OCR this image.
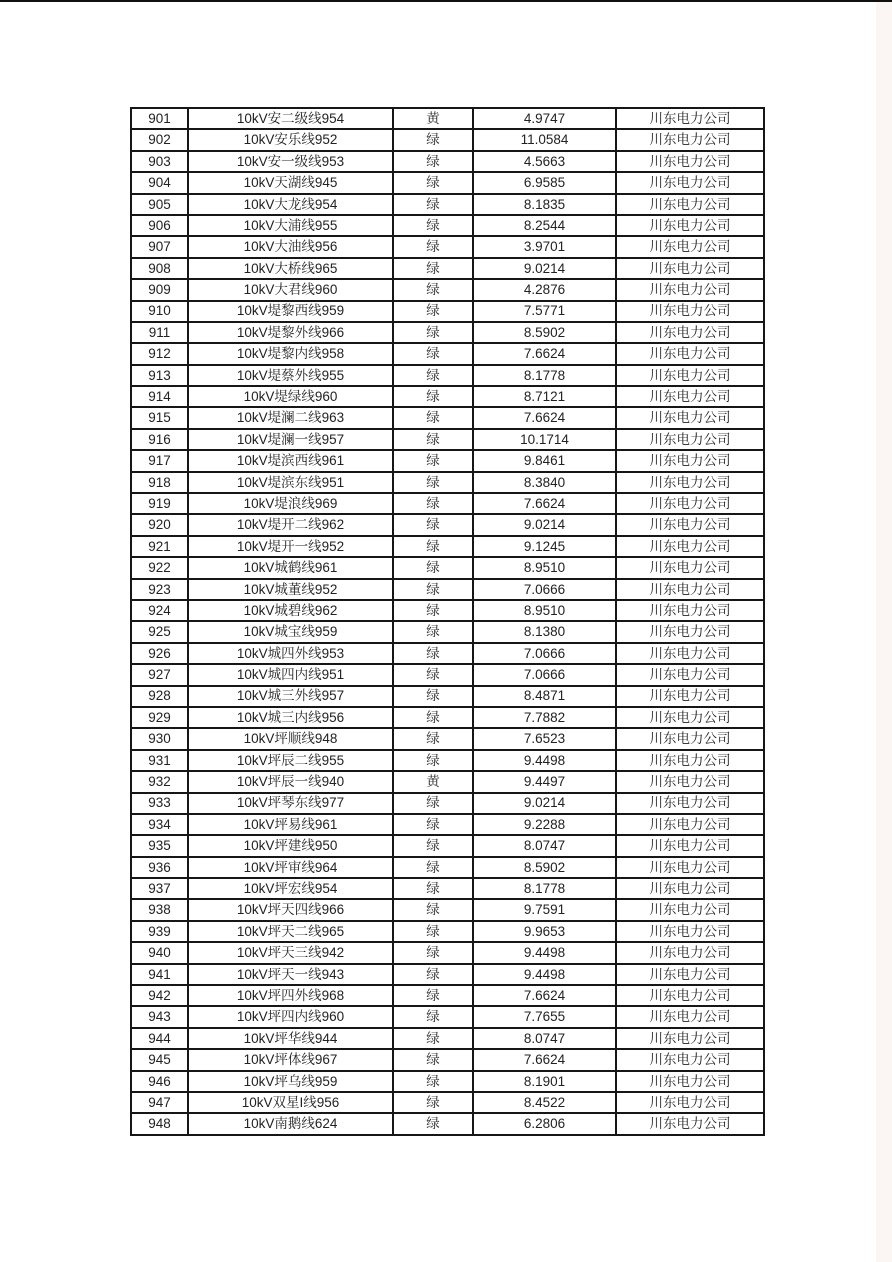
901	10kV安二级线954	黄	4.9747	川东电力公司
902	10kV安乐线952	绿	11.0584	川东电力公司
903	10kV安一级线953	绿	4.5663	川东电力公司
904	10kV天湖线945	绿	6.9585	川东电力公司
905	10kV大龙线954	绿	8.1835	川东电力公司
906	10kV大浦线955	绿	8.2544	川东电力公司
907	10kV大油线956	绿	3.9701	川东电力公司
908	10kV大桥线965	绿	9.0214	川东电力公司
909	10kV大君线960	绿	4.2876	川东电力公司
910	10kV堤黎西线959	绿	7.5771	川东电力公司
911	10kV堤黎外线966	绿	8.5902	川东电力公司
912	10kV堤黎内线958	绿	7.6624	川东电力公司
913	10kV堤蔡外线955	绿	8.1778	川东电力公司
914	10kV堤绿线960	绿	8.7121	川东电力公司
915	10kV堤澜二线963	绿	7.6624	川东电力公司
916	10kV堤澜一线957	绿	10.1714	川东电力公司
917	10kV堤滨西线961	绿	9.8461	川东电力公司
918	10kV堤滨东线951	绿	8.3840	川东电力公司
919	10kV堤浪线969	绿	7.6624	川东电力公司
920	10kV堤开二线962	绿	9.0214	川东电力公司
921	10kV堤开一线952	绿	9.1245	川东电力公司
922	10kV城鹤线961	绿	8.9510	川东电力公司
923	10kV城董线952	绿	7.0666	川东电力公司
924	10kV城碧线962	绿	8.9510	川东电力公司
925	10kV城宝线959	绿	8.1380	川东电力公司
926	10kV城四外线953	绿	7.0666	川东电力公司
927	10kV城四内线951	绿	7.0666	川东电力公司
928	10kV城三外线957	绿	8.4871	川东电力公司
929	10kV城三内线956	绿	7.7882	川东电力公司
930	10kV坪顺线948	绿	7.6523	川东电力公司
931	10kV坪辰二线955	绿	9.4498	川东电力公司
932	10kV坪辰一线940	黄	9.4497	川东电力公司
933	10kV坪琴东线977	绿	9.0214	川东电力公司
934	10kV坪易线961	绿	9.2288	川东电力公司
935	10kV坪建线950	绿	8.0747	川东电力公司
936	10kV坪审线964	绿	8.5902	川东电力公司
937	10kV坪宏线954	绿	8.1778	川东电力公司
938	10kV坪天四线966	绿	9.7591	川东电力公司
939	10kV坪天二线965	绿	9.9653	川东电力公司
940	10kV坪天三线942	绿	9.4498	川东电力公司
941	10kV坪天一线943	绿	9.4498	川东电力公司
942	10kV坪四外线968	绿	7.6624	川东电力公司
943	10kV坪四内线960	绿	7.7655	川东电力公司
944	10kV坪华线944	绿	8.0747	川东电力公司
945	10kV坪体线967	绿	7.6624	川东电力公司
946	10kV坪乌线959	绿	8.1901	川东电力公司
947	10kV双星I线956	绿	8.4522	川东电力公司
948	10kV南鹅线624	绿	6.2806	川东电力公司
